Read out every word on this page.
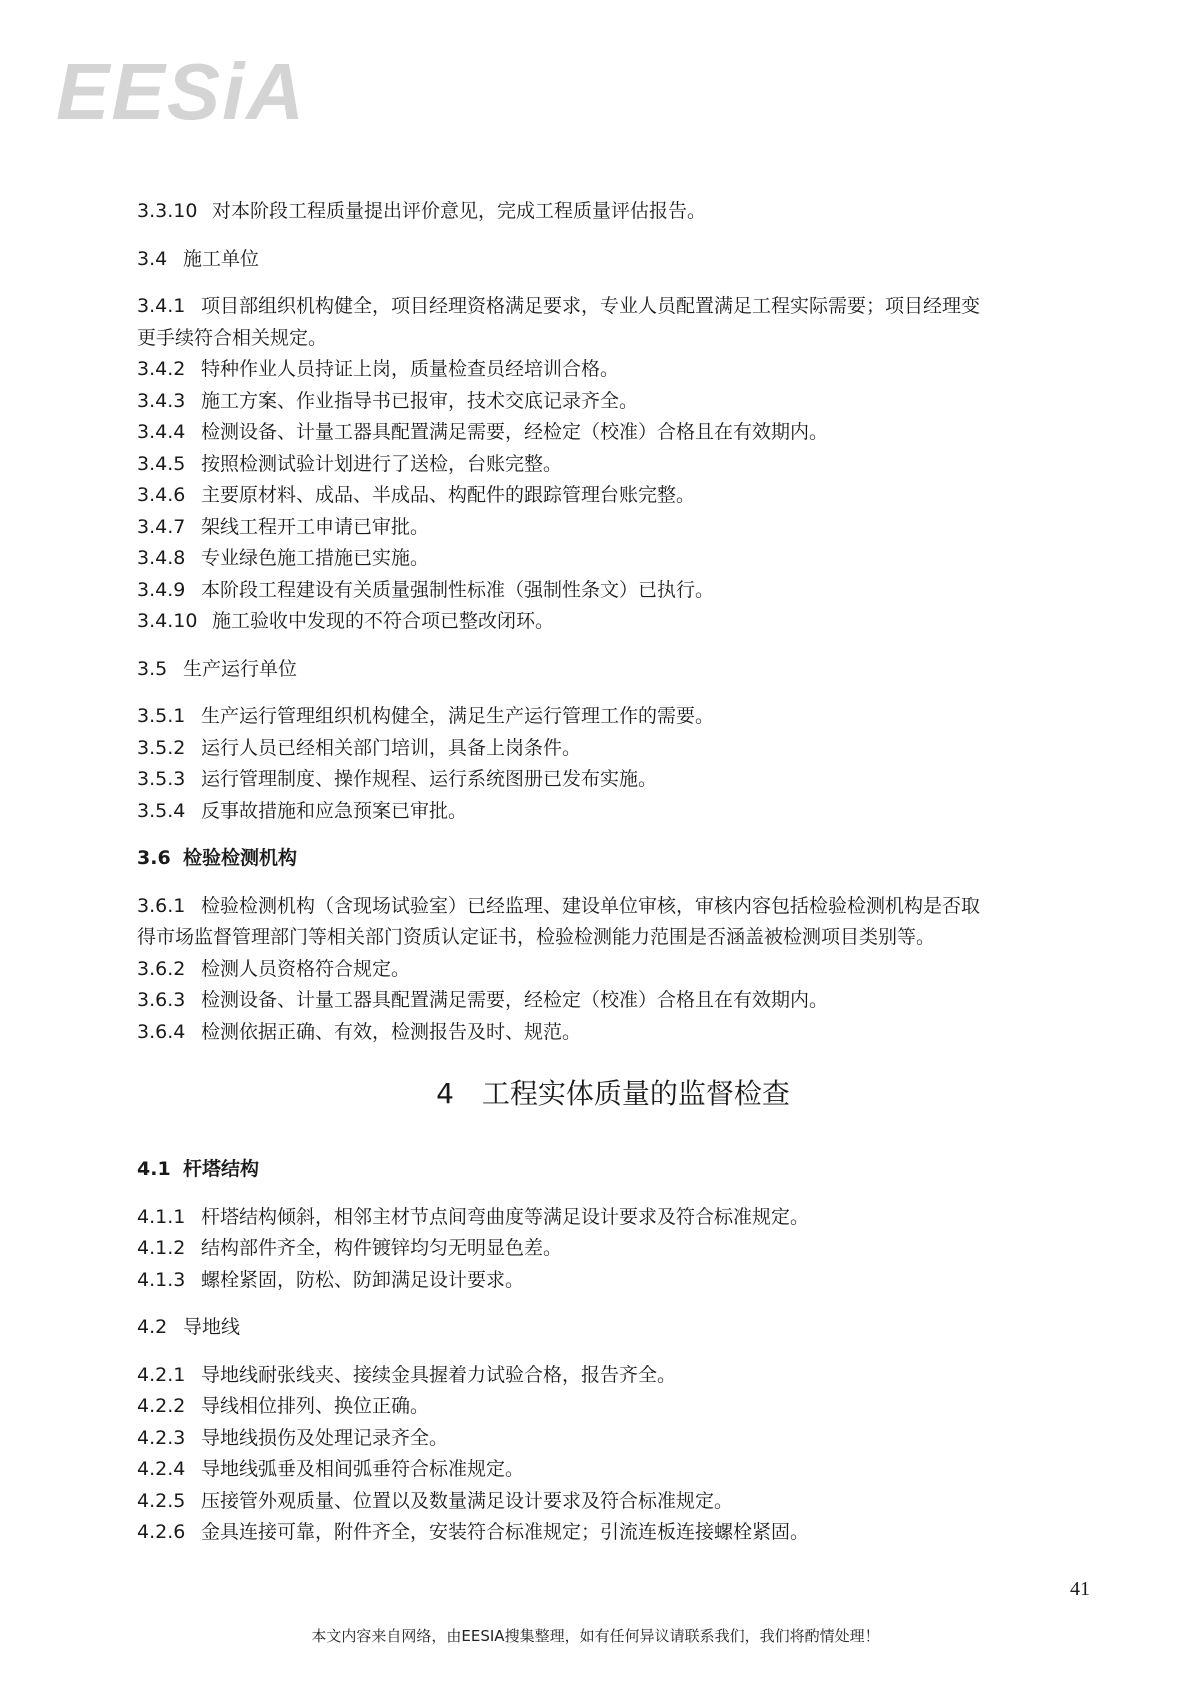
EESiA
3.3.10 对本阶段工程质量提出评价意见，完成工程质量评估报告。
3.4 施工单位
3.4.1 项目部组织机构健全，项目经理资格满足要求，专业人员配置满足工程实际需要；项目经理变
更手续符合相关规定。
3.4.2 特种作业人员持证上岗，质量检查员经培训合格。
3.4.3 施工方案、作业指导书已报审，技术交底记录齐全。
3.4.4 检测设备、计量工器具配置满足需要，经检定（校准）合格且在有效期内。
3.4.5 按照检测试验计划进行了送检，台账完整。
3.4.6 主要原材料、成品、半成品、构配件的跟踪管理台账完整。
3.4.7 架线工程开工申请已审批。
3.4.8 专业绿色施工措施已实施。
3.4.9 本阶段工程建设有关质量强制性标准（强制性条文）已执行。
3.4.10 施工验收中发现的不符合项已整改闭环。
3.5 生产运行单位
3.5.1 生产运行管理组织机构健全，满足生产运行管理工作的需要。
3.5.2 运行人员已经相关部门培训，具备上岗条件。
3.5.3 运行管理制度、操作规程、运行系统图册已发布实施。
3.5.4 反事故措施和应急预案已审批。
3.6 检验检测机构
3.6.1 检验检测机构（含现场试验室）已经监理、建设单位审核，审核内容包括检验检测机构是否取
得市场监督管理部门等相关部门资质认定证书，检验检测能力范围是否涵盖被检测项目类别等。
3.6.2 检测人员资格符合规定。
3.6.3 检测设备、计量工器具配置满足需要，经检定（校准）合格且在有效期内。
3.6.4 检测依据正确、有效，检测报告及时、规范。
4 工程实体质量的监督检查
4.1 杆塔结构
4.1.1 杆塔结构倾斜，相邻主材节点间弯曲度等满足设计要求及符合标准规定。
4.1.2 结构部件齐全，构件镀锌均匀无明显色差。
4.1.3 螺栓紧固，防松、防卸满足设计要求。
4.2 导地线
4.2.1 导地线耐张线夹、接续金具握着力试验合格，报告齐全。
4.2.2 导线相位排列、换位正确。
4.2.3 导地线损伤及处理记录齐全。
4.2.4 导地线弧垂及相间弧垂符合标准规定。
4.2.5 压接管外观质量、位置以及数量满足设计要求及符合标准规定。
4.2.6 金具连接可靠，附件齐全，安装符合标准规定；引流连板连接螺栓紧固。
41
本文内容来自网络，由EESIA搜集整理，如有任何异议请联系我们，我们将酌情处理！
